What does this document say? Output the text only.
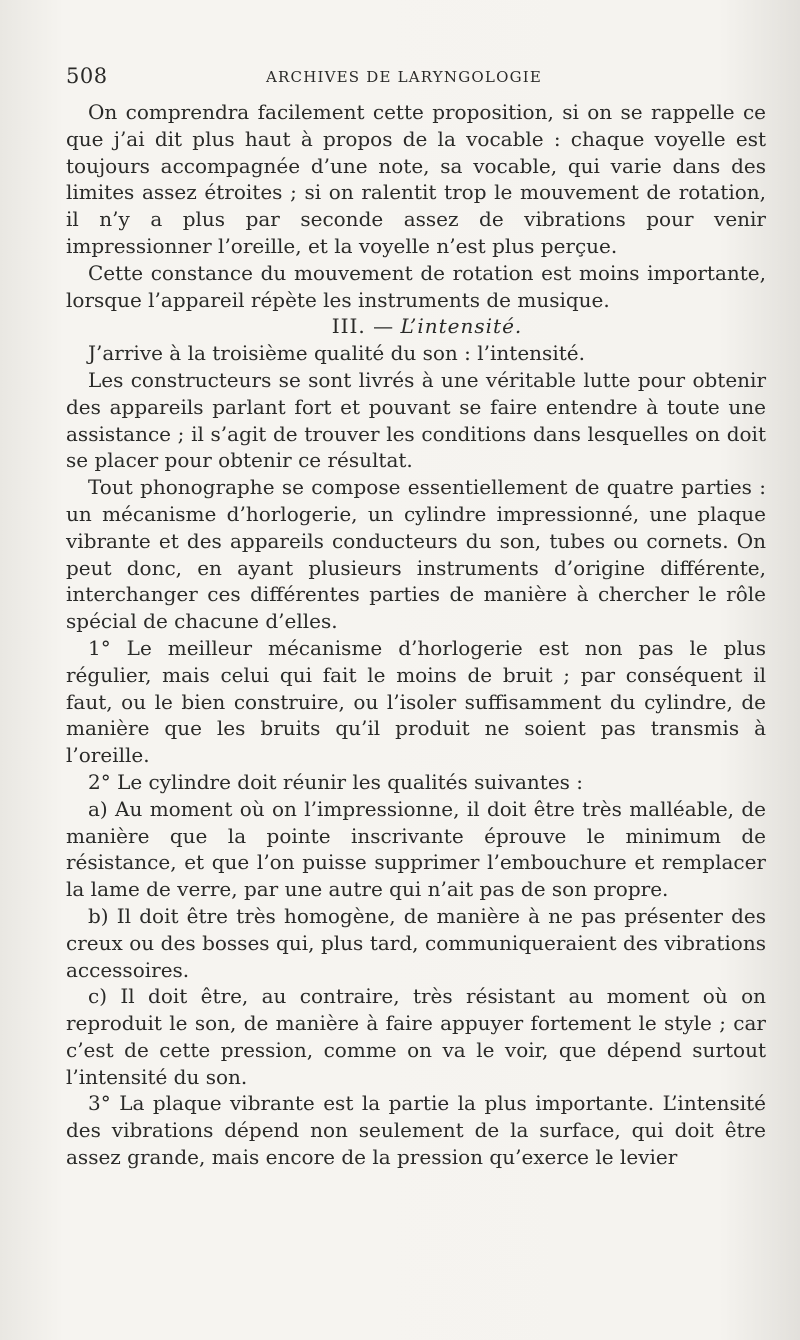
508	ARCHIVES DE LARYNGOLOGIE

On comprendra facilement cette proposition, si on se rappelle ce que j’ai dit plus haut à propos de la vocable : chaque voyelle est toujours accompagnée d’une note, sa vocable, qui varie dans des limites assez étroites ; si on ralentit trop le mouvement de rotation, il n’y a plus par seconde assez de vibrations pour venir impressionner l’oreille, et la voyelle n’est plus perçue.

Cette constance du mouvement de rotation est moins importante, lorsque l’appareil répète les instruments de musique.

III. — L’intensité.

J’arrive à la troisième qualité du son : l’intensité.

Les constructeurs se sont livrés à une véritable lutte pour obtenir des appareils parlant fort et pouvant se faire entendre à toute une assistance ; il s’agit de trouver les conditions dans lesquelles on doit se placer pour obtenir ce résultat.

Tout phonographe se compose essentiellement de quatre parties : un mécanisme d’horlogerie, un cylindre impressionné, une plaque vibrante et des appareils conducteurs du son, tubes ou cornets. On peut donc, en ayant plusieurs instruments d’origine différente, interchanger ces différentes parties de manière à chercher le rôle spécial de chacune d’elles.

1° Le meilleur mécanisme d’horlogerie est non pas le plus régulier, mais celui qui fait le moins de bruit ; par conséquent il faut, ou le bien construire, ou l’isoler suffisamment du cylindre, de manière que les bruits qu’il produit ne soient pas transmis à l’oreille.

2° Le cylindre doit réunir les qualités suivantes :

a) Au moment où on l’impressionne, il doit être très malléable, de manière que la pointe inscrivante éprouve le minimum de résistance, et que l’on puisse supprimer l’embouchure et remplacer la lame de verre, par une autre qui n’ait pas de son propre.

b) Il doit être très homogène, de manière à ne pas présenter des creux ou des bosses qui, plus tard, communiqueraient des vibrations accessoires.

c) Il doit être, au contraire, très résistant au moment où on reproduit le son, de manière à faire appuyer fortement le style ; car c’est de cette pression, comme on va le voir, que dépend surtout l’intensité du son.

3° La plaque vibrante est la partie la plus importante. L’intensité des vibrations dépend non seulement de la surface, qui doit être assez grande, mais encore de la pression qu’exerce le levier
